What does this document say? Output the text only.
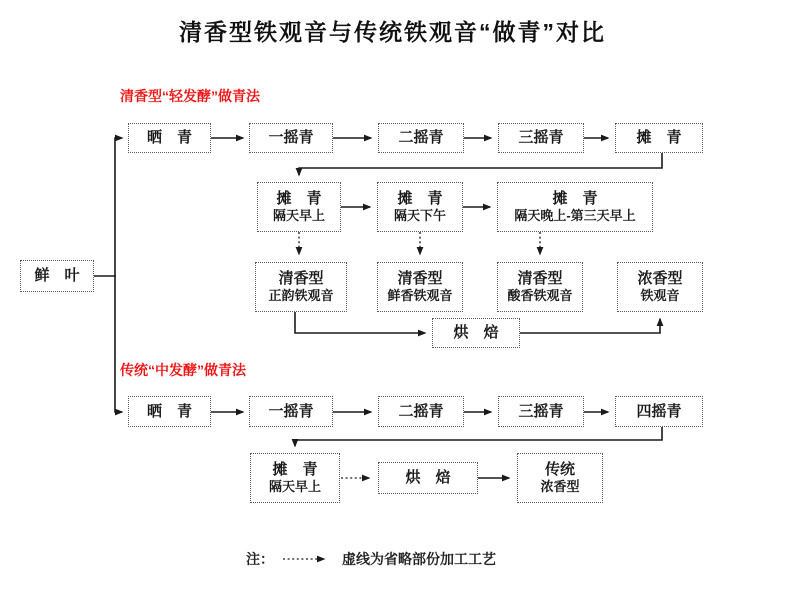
清香型铁观音与传统铁观音“做青”对比
清香型“轻发酵”做青法
传统“中发酵”做青法
鲜　叶
晒　青	一摇青	二摇青	三摇青	摊　青
摊　青
隔天早上
摊　青
隔天下午
摊　青
隔天晚上-第三天早上
清香型
正韵铁观音
清香型
鲜香铁观音
清香型
酸香铁观音
浓香型
铁观音
烘　焙
晒　青	一摇青	二摇青	三摇青	四摇青
摊　青
隔天早上
烘　焙	传统
浓香型
注：	虚线为省略部份加工工艺
